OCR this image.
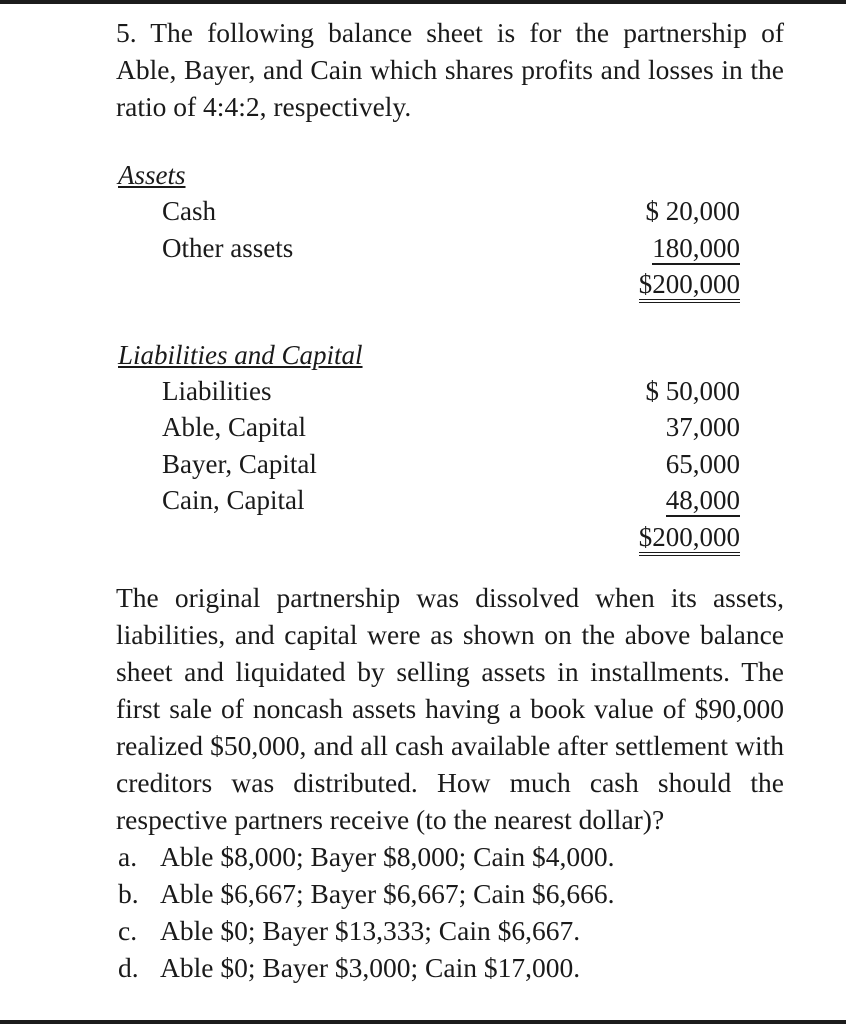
5. The following balance sheet is for the partnership of Able, Bayer, and Cain which shares profits and losses in the ratio of 4:4:2, respectively.

Assets
Cash	$ 20,000
Other assets	180,000
$200,000
Liabilities and Capital
Liabilities	$ 50,000
Able, Capital	37,000
Bayer, Capital	65,000
Cain, Capital	48,000
$200,000

The original partnership was dissolved when its assets, liabilities, and capital were as shown on the above balance sheet and liquidated by selling assets in installments. The first sale of noncash assets having a book value of $90,000 realized $50,000, and all cash available after settlement with creditors was distributed. How much cash should the respective partners receive (to the nearest dollar)?

a. Able $8,000; Bayer $8,000; Cain $4,000.
b. Able $6,667; Bayer $6,667; Cain $6,666.
c. Able $0; Bayer $13,333; Cain $6,667.
d. Able $0; Bayer $3,000; Cain $17,000.
